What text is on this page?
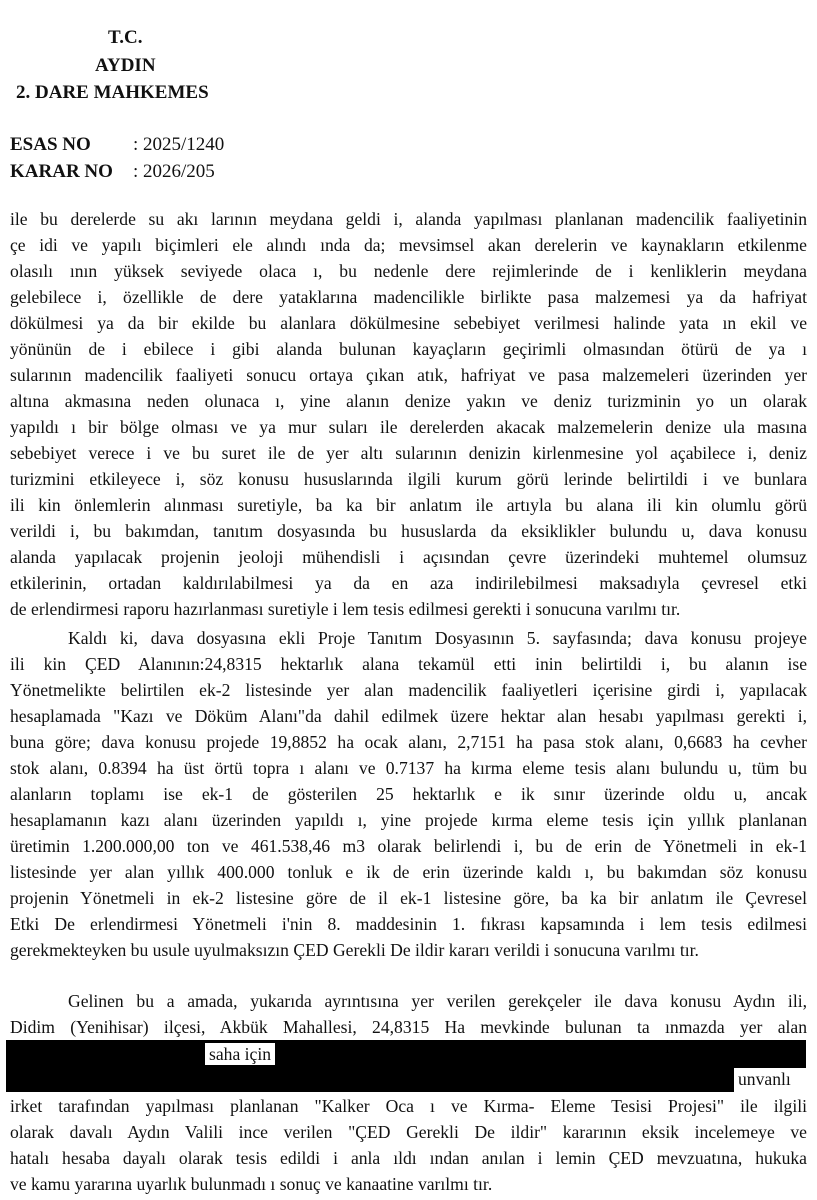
T.C.
AYDIN
2. DARE MAHKEMES
ESAS NO : 2025/1240
KARAR NO : 2026/205
ile bu derelerde su akı larının meydana geldi i, alanda yapılması planlanan madencilik faaliyetinin
çe idi ve yapılı biçimleri ele alındı ında da; mevsimsel akan derelerin ve kaynakların etkilenme
olasılı ının yüksek seviyede olaca ı, bu nedenle dere rejimlerinde de i kenliklerin meydana
gelebilece i, özellikle de dere yataklarına madencilikle birlikte pasa malzemesi ya da hafriyat
dökülmesi ya da bir ekilde bu alanlara dökülmesine sebebiyet verilmesi halinde yata ın ekil ve
yönünün de i ebilece i gibi alanda bulunan kayaçların geçirimli olmasından ötürü de ya ı
sularının madencilik faaliyeti sonucu ortaya çıkan atık, hafriyat ve pasa malzemeleri üzerinden yer
altına akmasına neden olunaca ı, yine alanın denize yakın ve deniz turizminin yo un olarak
yapıldı ı bir bölge olması ve ya mur suları ile derelerden akacak malzemelerin denize ula masına
sebebiyet verece i ve bu suret ile de yer altı sularının denizin kirlenmesine yol açabilece i, deniz
turizmini etkileyece i, söz konusu hususlarında ilgili kurum görü lerinde belirtildi i ve bunlara
ili kin önlemlerin alınması suretiyle, ba ka bir anlatım ile artıyla bu alana ili kin olumlu görü
verildi i, bu bakımdan, tanıtım dosyasında bu hususlarda da eksiklikler bulundu u, dava konusu
alanda yapılacak projenin jeoloji mühendisli i açısından çevre üzerindeki muhtemel olumsuz
etkilerinin, ortadan kaldırılabilmesi ya da en aza indirilebilmesi maksadıyla çevresel etki
de erlendirmesi raporu hazırlanması suretiyle i lem tesis edilmesi gerekti i sonucuna varılmı tır.
Kaldı ki, dava dosyasına ekli Proje Tanıtım Dosyasının 5. sayfasında; dava konusu projeye
ili kin ÇED Alanının:24,8315 hektarlık alana tekamül etti inin belirtildi i, bu alanın ise
Yönetmelikte belirtilen ek-2 listesinde yer alan madencilik faaliyetleri içerisine girdi i, yapılacak
hesaplamada "Kazı ve Döküm Alanı"da dahil edilmek üzere hektar alan hesabı yapılması gerekti i,
buna göre; dava konusu projede 19,8852 ha ocak alanı, 2,7151 ha pasa stok alanı, 0,6683 ha cevher
stok alanı, 0.8394 ha üst örtü topra ı alanı ve 0.7137 ha kırma eleme tesis alanı bulundu u, tüm bu
alanların toplamı ise ek-1 de gösterilen 25 hektarlık e ik sınır üzerinde oldu u, ancak
hesaplamanın kazı alanı üzerinden yapıldı ı, yine projede kırma eleme tesis için yıllık planlanan
üretimin 1.200.000,00 ton ve 461.538,46 m3 olarak belirlendi i, bu de erin de Yönetmeli in ek-1
listesinde yer alan yıllık 400.000 tonluk e ik de erin üzerinde kaldı ı, bu bakımdan söz konusu
projenin Yönetmeli in ek-2 listesine göre de il ek-1 listesine göre, ba ka bir anlatım ile Çevresel
Etki De erlendirmesi Yönetmeli i'nin 8. maddesinin 1. fıkrası kapsamında i lem tesis edilmesi
gerekmekteyken bu usule uyulmaksızın ÇED Gerekli De ildir kararı verildi i sonucuna varılmı tır.
Gelinen bu a amada, yukarıda ayrıntısına yer verilen gerekçeler ile dava konusu Aydın ili,
Didim (Yenihisar) ilçesi, Akbük Mahallesi, 24,8315 Ha mevkinde bulunan ta ınmazda yer alan
saha için
unvanlı
irket tarafından yapılması planlanan "Kalker Oca ı ve Kırma- Eleme Tesisi Projesi" ile ilgili
olarak davalı Aydın Valili ince verilen "ÇED Gerekli De ildir" kararının eksik incelemeye ve
hatalı hesaba dayalı olarak tesis edildi i anla ıldı ından anılan i lemin ÇED mevzuatına, hukuka
ve kamu yararına uyarlık bulunmadı ı sonuç ve kanaatine varılmı tır.
